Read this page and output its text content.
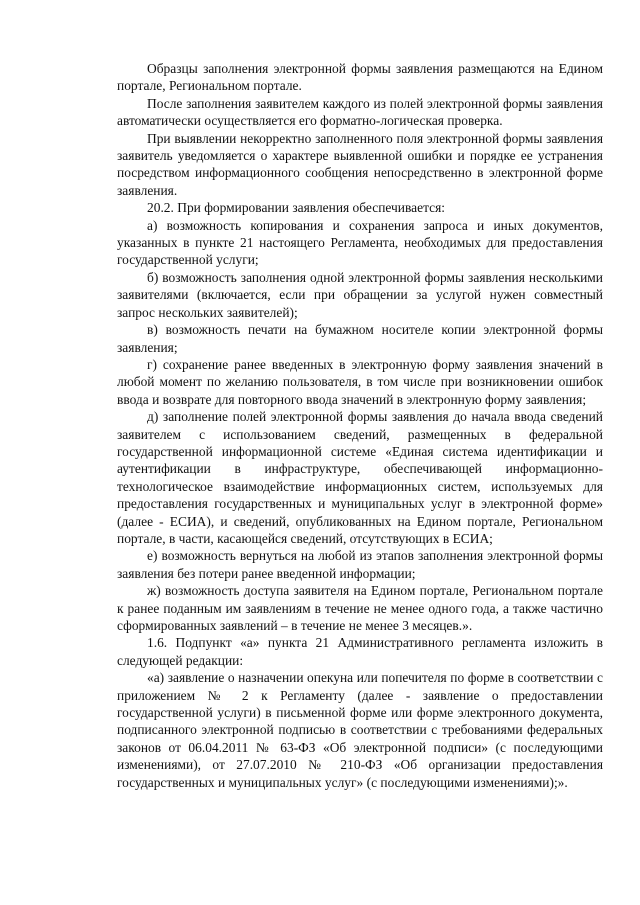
Образцы заполнения электронной формы заявления размещаются на Едином портале, Региональном портале.

После заполнения заявителем каждого из полей электронной формы заявления автоматически осуществляется его форматно-логическая проверка.

При выявлении некорректно заполненного поля электронной формы заявления заявитель уведомляется о характере выявленной ошибки и порядке ее устранения посредством информационного сообщения непосредственно в электронной форме заявления.

20.2. При формировании заявления обеспечивается:

а) возможность копирования и сохранения запроса и иных документов, указанных в пункте 21 настоящего Регламента, необходимых для предоставления государственной услуги;

б) возможность заполнения одной электронной формы заявления несколькими заявителями (включается, если при обращении за услугой нужен совместный запрос нескольких заявителей);

в) возможность печати на бумажном носителе копии электронной формы заявления;

г) сохранение ранее введенных в электронную форму заявления значений в любой момент по желанию пользователя, в том числе при возникновении ошибок ввода и возврате для повторного ввода значений в электронную форму заявления;

д) заполнение полей электронной формы заявления до начала ввода сведений заявителем с использованием сведений, размещенных в федеральной государственной информационной системе «Единая система идентификации и аутентификации в инфраструктуре, обеспечивающей информационно-технологическое взаимодействие информационных систем, используемых для предоставления государственных и муниципальных услуг в электронной форме» (далее - ЕСИА), и сведений, опубликованных на Едином портале, Региональном портале, в части, касающейся сведений, отсутствующих в ЕСИА;

е) возможность вернуться на любой из этапов заполнения электронной формы заявления без потери ранее введенной информации;

ж) возможность доступа заявителя на Едином портале, Региональном портале к ранее поданным им заявлениям в течение не менее одного года, а также частично сформированных заявлений – в течение не менее 3 месяцев.».

1.6. Подпункт «а» пункта 21 Административного регламента изложить в следующей редакции:

«а) заявление о назначении опекуна или попечителя по форме в соответствии с приложением № 2 к Регламенту (далее - заявление о предоставлении государственной услуги) в письменной форме или форме электронного документа, подписанного электронной подписью в соответствии с требованиями федеральных законов от 06.04.2011 № 63-ФЗ «Об электронной подписи» (с последующими изменениями), от 27.07.2010 № 210-ФЗ «Об организации предоставления государственных и муниципальных услуг» (с последующими изменениями);».
